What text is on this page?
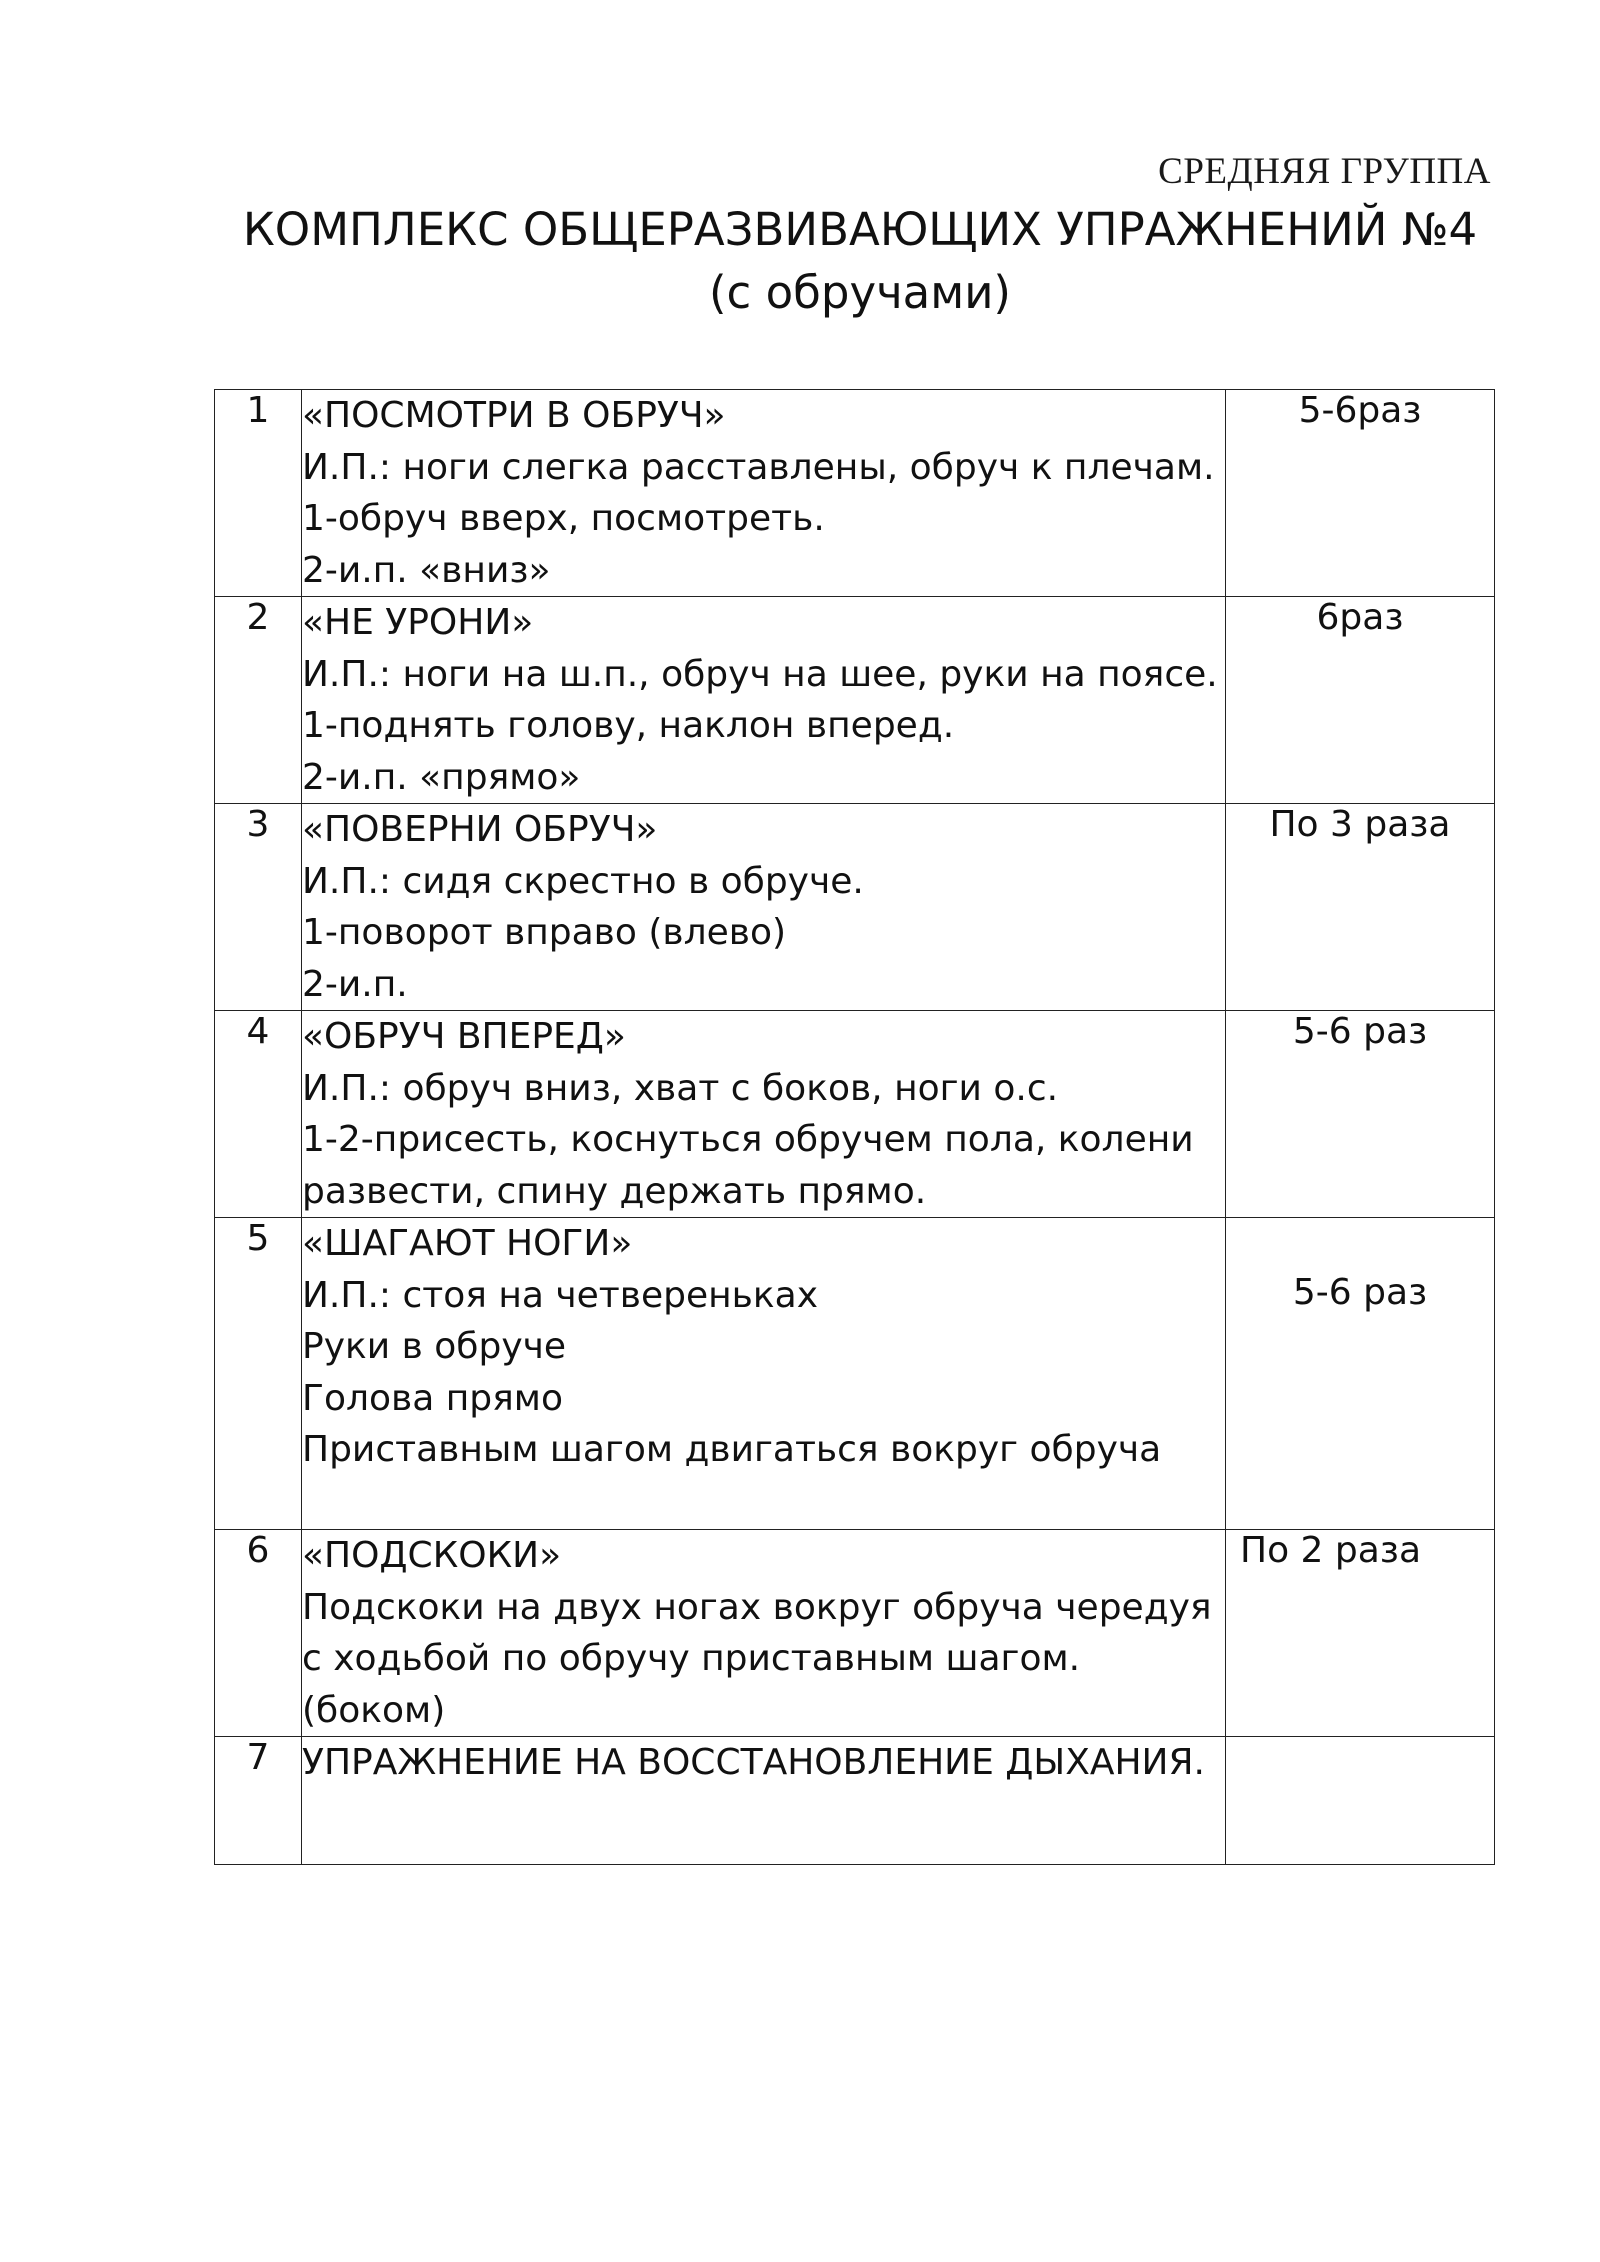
СРЕДНЯЯ ГРУППА
КОМПЛЕКС ОБЩЕРАЗВИВАЮЩИХ УПРАЖНЕНИЙ №4
(с обручами)
1	«ПОСМОТРИ В ОБРУЧ»
И.П.: ноги слегка расставлены, обруч к плечам.
1-обруч вверх, посмотреть.
2-и.п. «вниз»	5-6раз
2	«НЕ УРОНИ»
И.П.: ноги на ш.п., обруч на шее, руки на поясе.
1-поднять голову, наклон вперед.
2-и.п. «прямо»	6раз
3	«ПОВЕРНИ ОБРУЧ»
И.П.: сидя скрестно в обруче.
1-поворот вправо (влево)
2-и.п.	По 3 раза
4	«ОБРУЧ ВПЕРЕД»
И.П.: обруч вниз, хват с боков, ноги о.с.
1-2-присесть, коснуться обручем пола, колени
развести, спину держать прямо.	5-6 раз
5	«ШАГАЮТ НОГИ»
И.П.: стоя на четвереньках
Руки в обруче
Голова прямо
Приставным шагом двигаться вокруг обруча	5-6 раз
6	«ПОДСКОКИ»
Подскоки на двух ногах вокруг обруча чередуя
с ходьбой по обручу приставным шагом.
(боком)	По 2 раза
7	УПРАЖНЕНИЕ НА ВОССТАНОВЛЕНИЕ ДЫХАНИЯ.	
